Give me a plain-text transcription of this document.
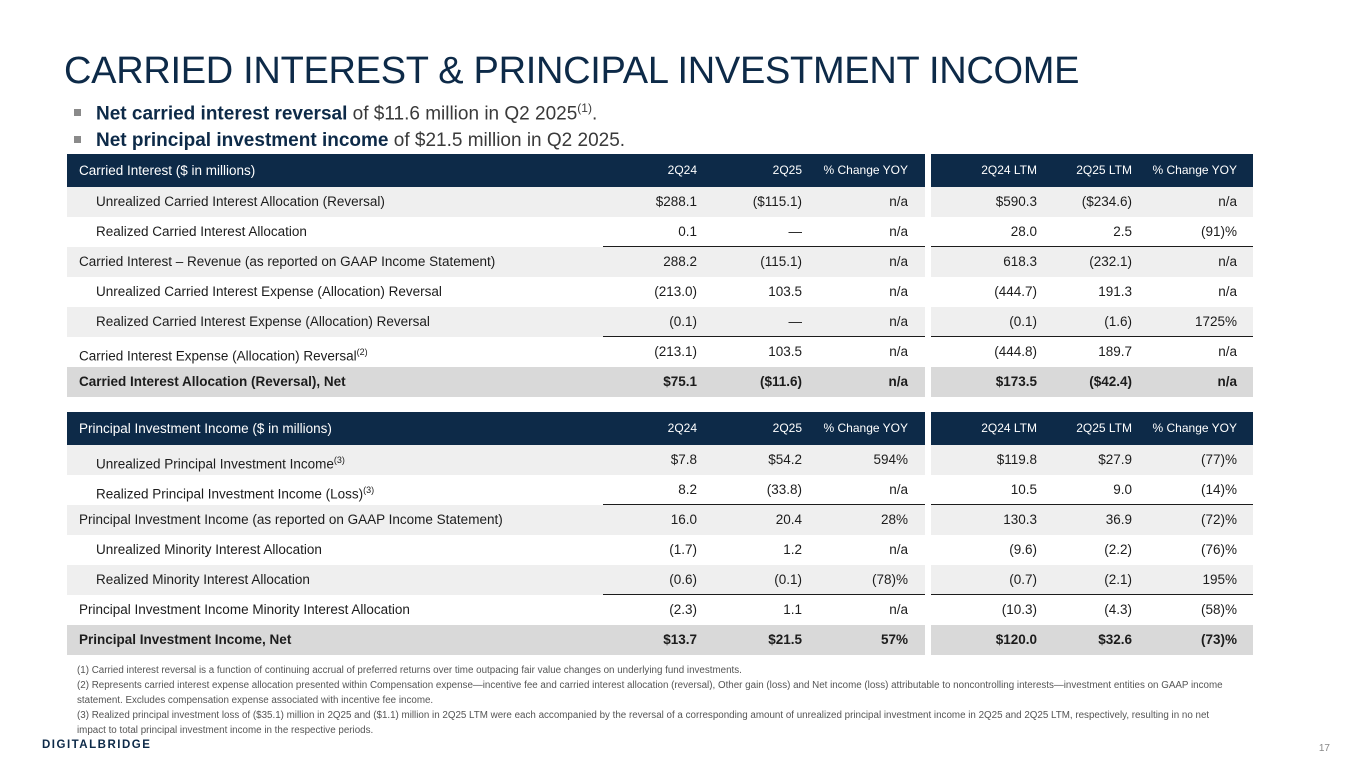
CARRIED INTEREST & PRINCIPAL INVESTMENT INCOME
Net carried interest reversal of $11.6 million in Q2 2025$^{(1)}$.
Net principal investment income of $21.5 million in Q2 2025.
Carried Interest ($ in millions)	2Q24	2Q25	% Change YOY	2Q24 LTM	2Q25 LTM	% Change YOY
Unrealized Carried Interest Allocation (Reversal)	$288.1	($115.1)	n/a	$590.3	($234.6)	n/a
Realized Carried Interest Allocation	0.1	—	n/a	28.0	2.5	(91)%
Carried Interest – Revenue (as reported on GAAP Income Statement)	288.2	(115.1)	n/a	618.3	(232.1)	n/a
Unrealized Carried Interest Expense (Allocation) Reversal	(213.0)	103.5	n/a	(444.7)	191.3	n/a
Realized Carried Interest Expense (Allocation) Reversal	(0.1)	—	n/a	(0.1)	(1.6)	1725%
Carried Interest Expense (Allocation) Reversal$^{(2)}$	(213.1)	103.5	n/a	(444.8)	189.7	n/a
Carried Interest Allocation (Reversal), Net	$75.1	($11.6)	n/a	$173.5	($42.4)	n/a
Principal Investment Income ($ in millions)	2Q24	2Q25	% Change YOY	2Q24 LTM	2Q25 LTM	% Change YOY
Unrealized Principal Investment Income$^{(3)}$	$7.8	$54.2	594%	$119.8	$27.9	(77)%
Realized Principal Investment Income (Loss)$^{(3)}$	8.2	(33.8)	n/a	10.5	9.0	(14)%
Principal Investment Income (as reported on GAAP Income Statement)	16.0	20.4	28%	130.3	36.9	(72)%
Unrealized Minority Interest Allocation	(1.7)	1.2	n/a	(9.6)	(2.2)	(76)%
Realized Minority Interest Allocation	(0.6)	(0.1)	(78)%	(0.7)	(2.1)	195%
Principal Investment Income Minority Interest Allocation	(2.3)	1.1	n/a	(10.3)	(4.3)	(58)%
Principal Investment Income, Net	$13.7	$21.5	57%	$120.0	$32.6	(73)%
(1) Carried interest reversal is a function of continuing accrual of preferred returns over time outpacing fair value changes on underlying fund investments.
(2) Represents carried interest expense allocation presented within Compensation expense—incentive fee and carried interest allocation (reversal), Other gain (loss) and Net income (loss) attributable to noncontrolling interests—investment entities on GAAP income statement. Excludes compensation expense associated with incentive fee income.
(3) Realized principal investment loss of ($35.1) million in 2Q25 and ($1.1) million in 2Q25 LTM were each accompanied by the reversal of a corresponding amount of unrealized principal investment income in 2Q25 and 2Q25 LTM, respectively, resulting in no net impact to total principal investment income in the respective periods.
DIGITALBRIDGE	17
